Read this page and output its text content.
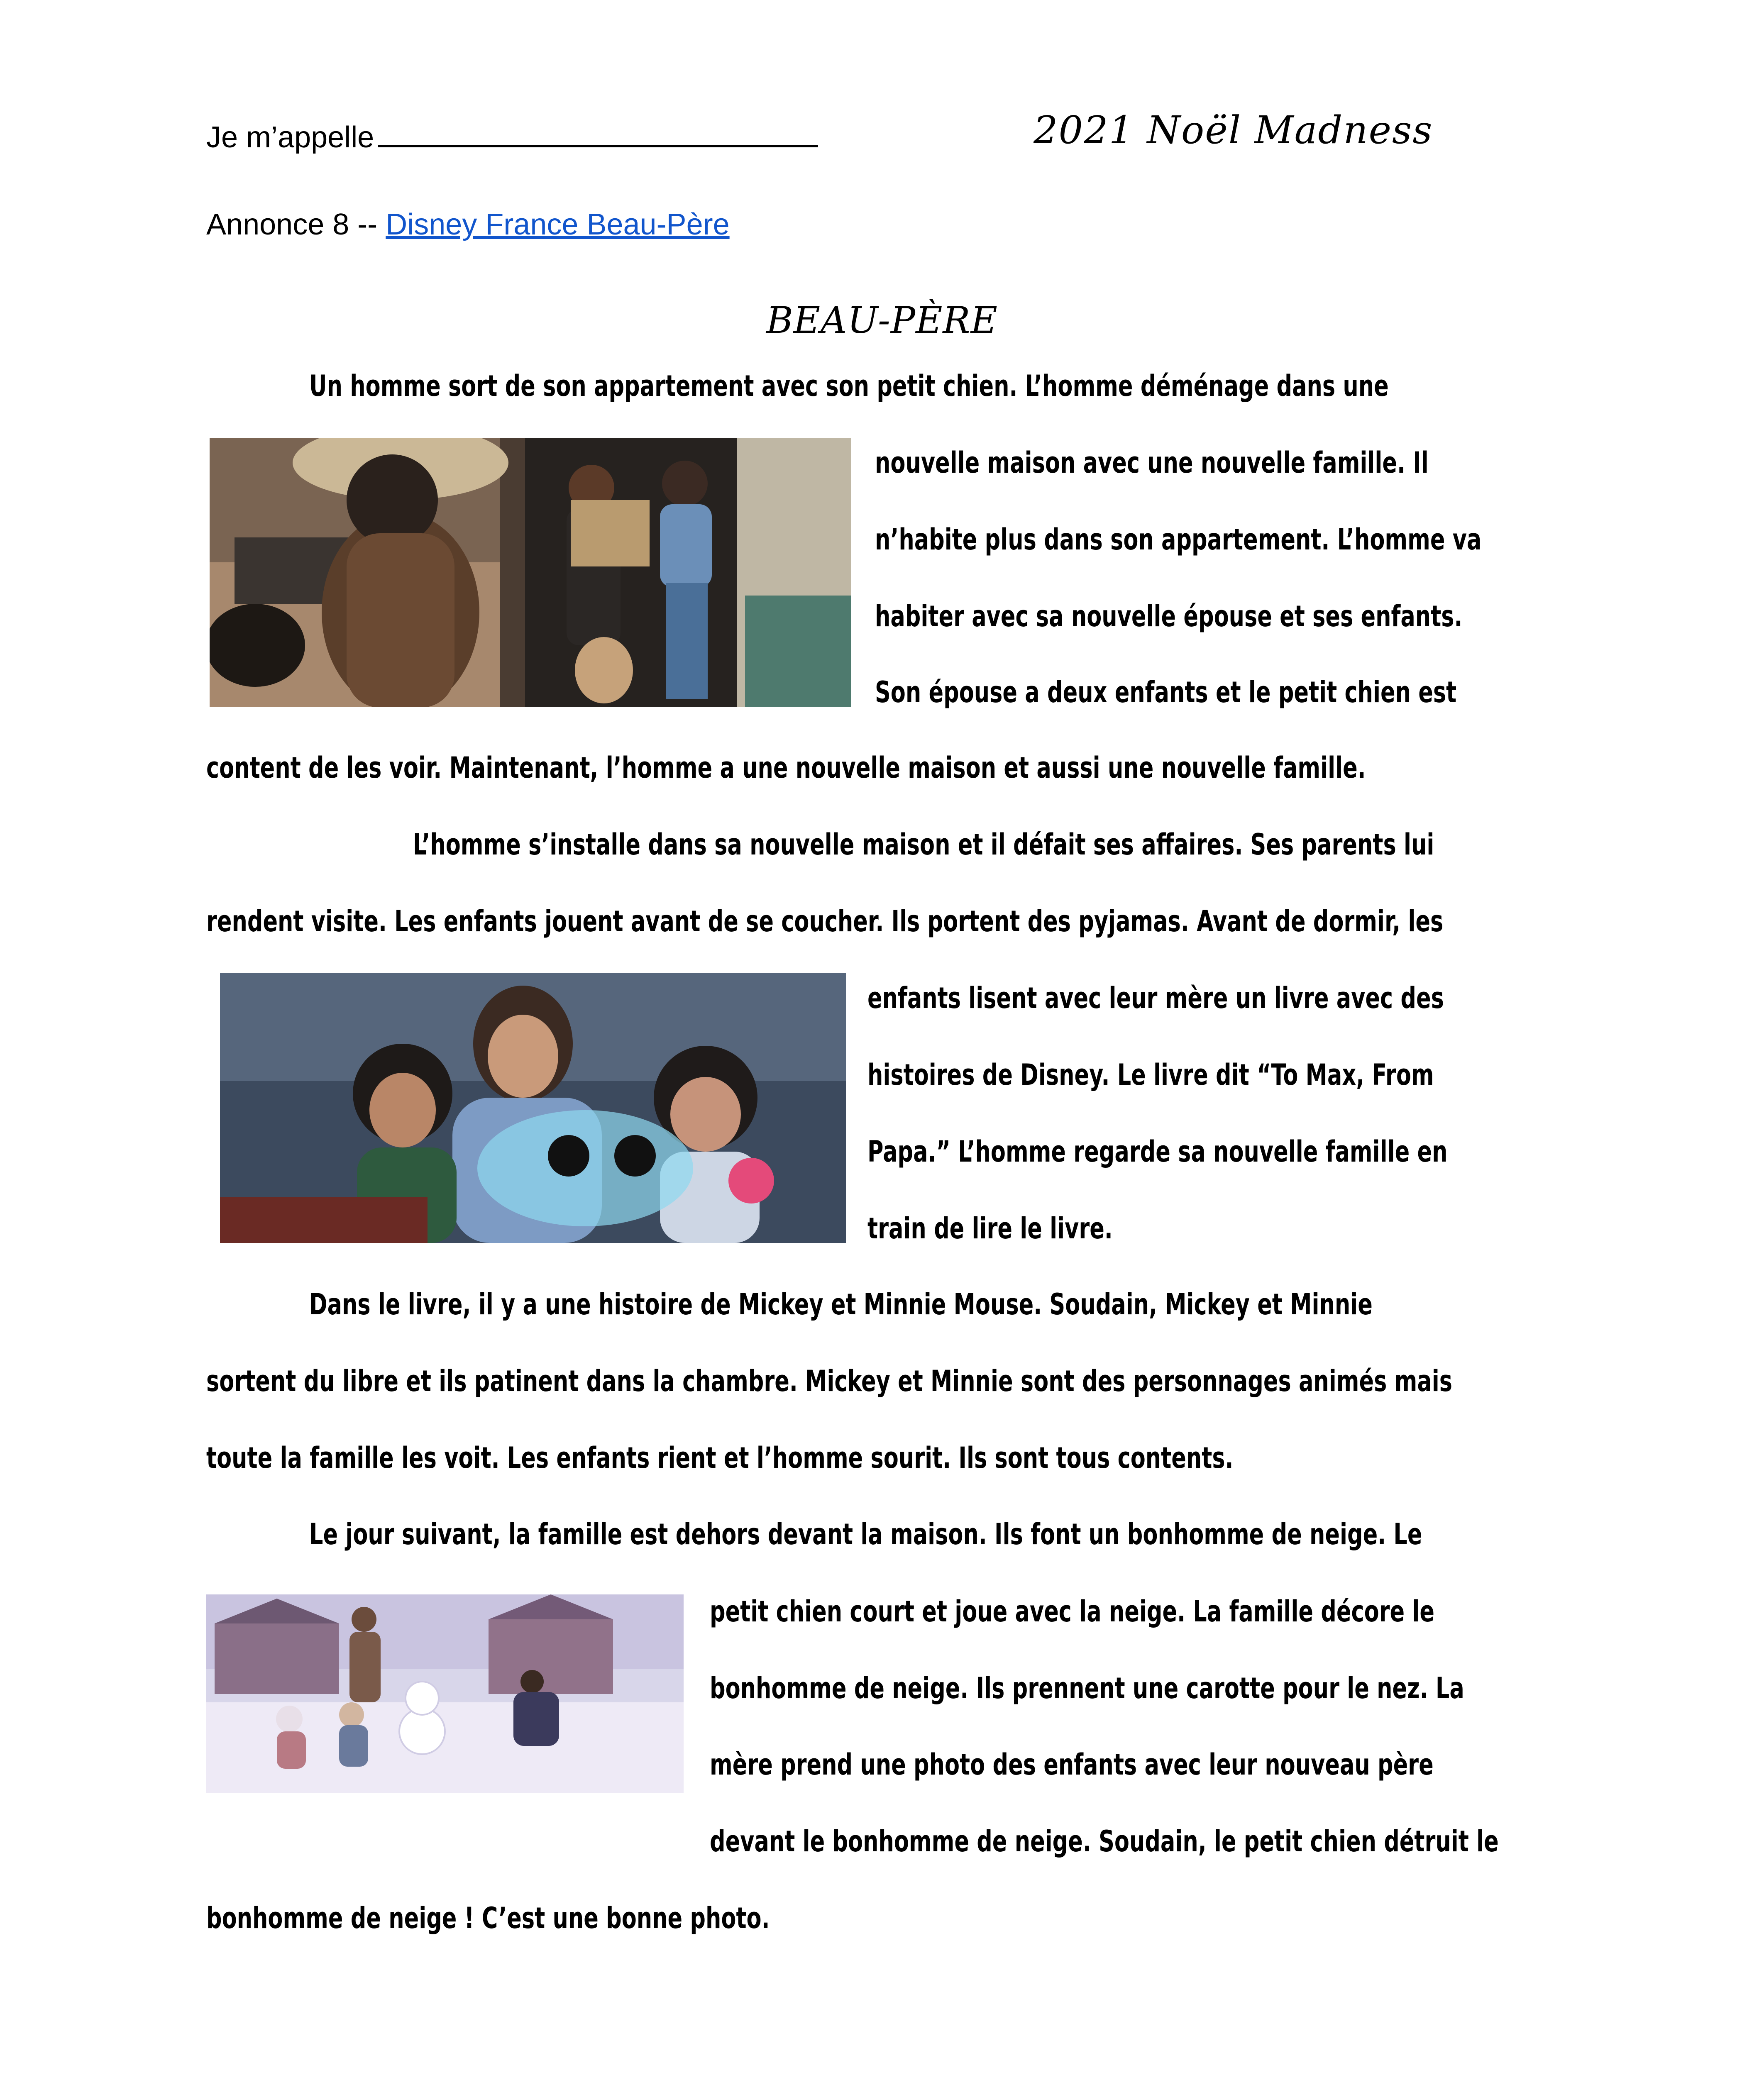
Je m’appelle	2021 Noël Madness
Annonce 8 -- Disney France Beau-Père
BEAU-PÈRE
Un homme sort de son appartement avec son petit chien. L’homme déménage dans une
nouvelle maison avec une nouvelle famille. Il
n’habite plus dans son appartement. L’homme va
habiter avec sa nouvelle épouse et ses enfants.
Son épouse a deux enfants et le petit chien est
content de les voir. Maintenant, l’homme a une nouvelle maison et aussi une nouvelle famille.
L’homme s’installe dans sa nouvelle maison et il défait ses affaires. Ses parents lui
rendent visite. Les enfants jouent avant de se coucher. Ils portent des pyjamas. Avant de dormir, les
enfants lisent avec leur mère un livre avec des
histoires de Disney. Le livre dit “To Max, From
Papa.” L’homme regarde sa nouvelle famille en
train de lire le livre.
Dans le livre, il y a une histoire de Mickey et Minnie Mouse. Soudain, Mickey et Minnie
sortent du libre et ils patinent dans la chambre. Mickey et Minnie sont des personnages animés mais
toute la famille les voit. Les enfants rient et l’homme sourit. Ils sont tous contents.
Le jour suivant, la famille est dehors devant la maison. Ils font un bonhomme de neige. Le
petit chien court et joue avec la neige. La famille décore le
bonhomme de neige. Ils prennent une carotte pour le nez. La
mère prend une photo des enfants avec leur nouveau père
devant le bonhomme de neige. Soudain, le petit chien détruit le
bonhomme de neige ! C’est une bonne photo.
